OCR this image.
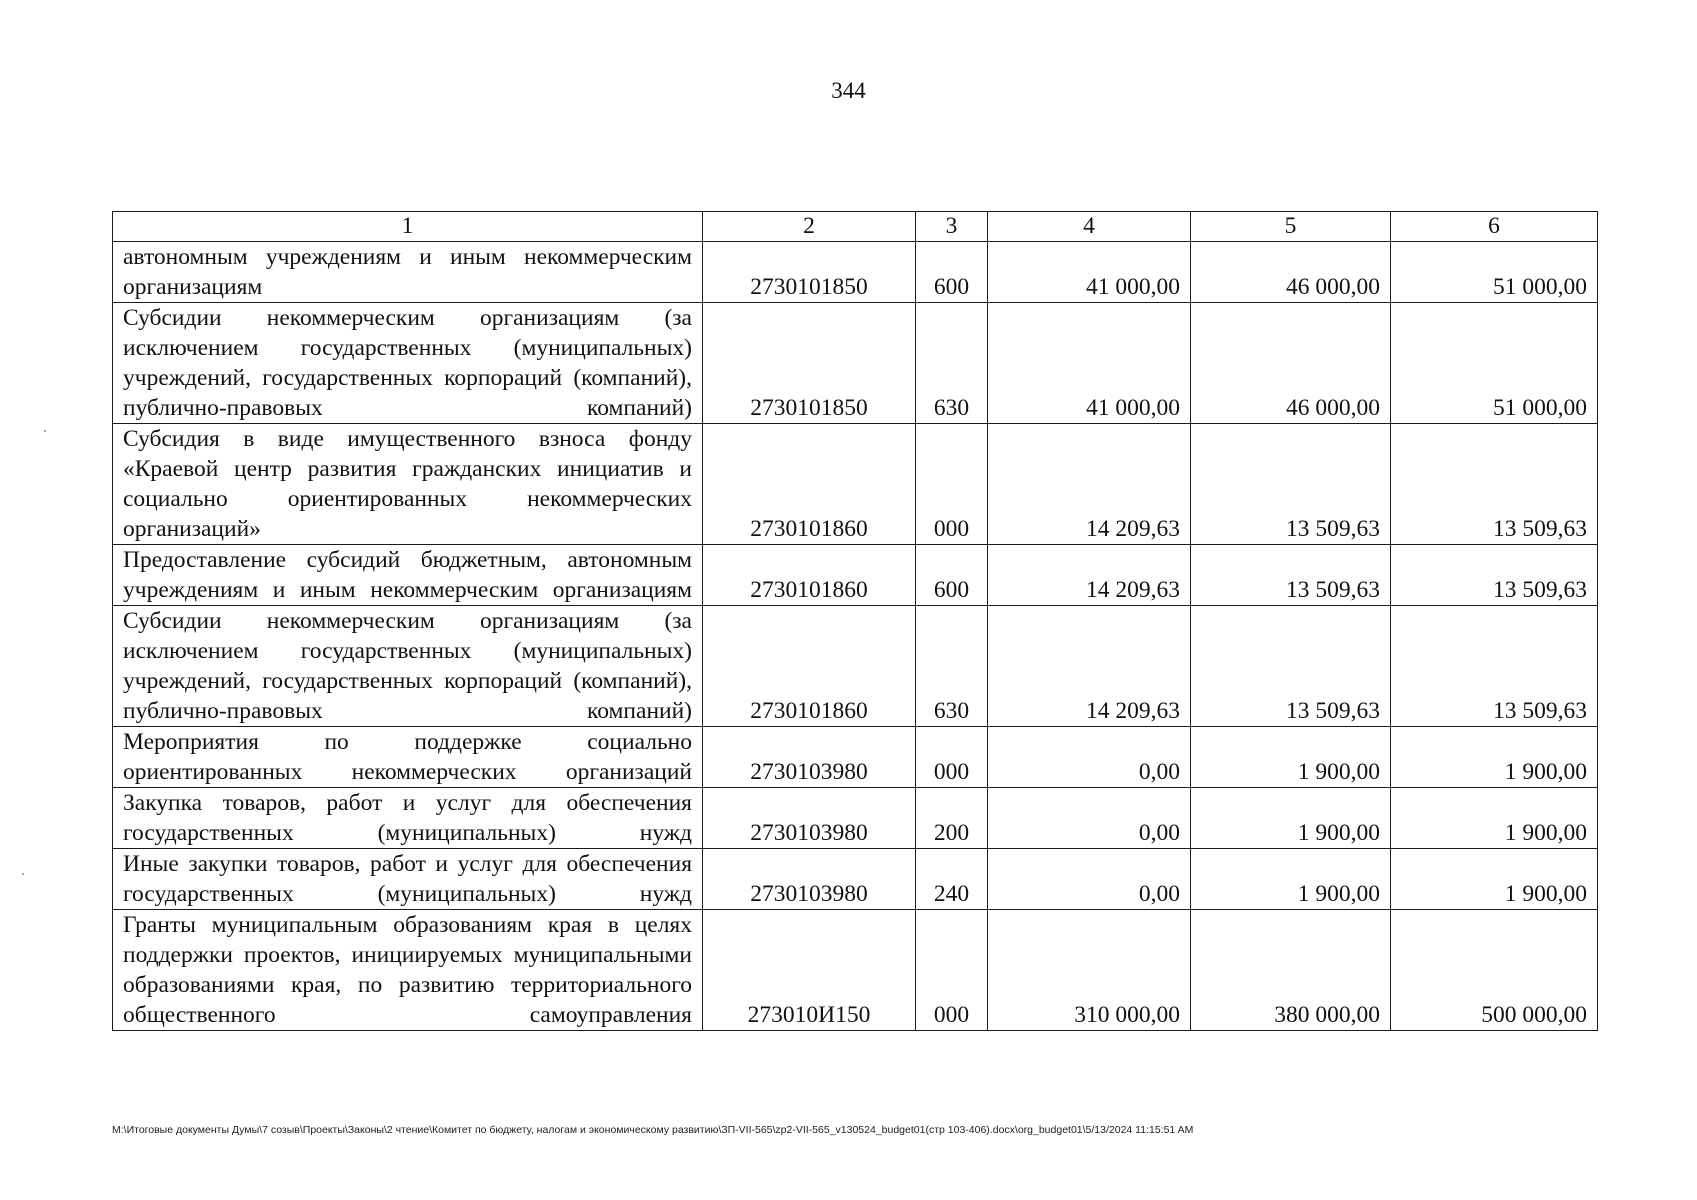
344
1	2	3	4	5	6
автономным учреждениям и иным некоммерческим организациям	2730101850	600	41 000,00	46 000,00	51 000,00
Субсидии некоммерческим организациям (за исключением государственных (муниципальных) учреждений, государственных корпораций (компаний), публично-правовых компаний)	2730101850	630	41 000,00	46 000,00	51 000,00
Субсидия в виде имущественного взноса фонду «Краевой центр развития гражданских инициатив и социально ориентированных некоммерческих организаций»	2730101860	000	14 209,63	13 509,63	13 509,63
Предоставление субсидий бюджетным, автономным учреждениям и иным некоммерческим организациям	2730101860	600	14 209,63	13 509,63	13 509,63
Субсидии некоммерческим организациям (за исключением государственных (муниципальных) учреждений, государственных корпораций (компаний), публично-правовых компаний)	2730101860	630	14 209,63	13 509,63	13 509,63
Мероприятия по поддержке социально ориентированных некоммерческих организаций	2730103980	000	0,00	1 900,00	1 900,00
Закупка товаров, работ и услуг для обеспечения государственных (муниципальных) нужд	2730103980	200	0,00	1 900,00	1 900,00
Иные закупки товаров, работ и услуг для обеспечения государственных (муниципальных) нужд	2730103980	240	0,00	1 900,00	1 900,00
Гранты муниципальным образованиям края в целях поддержки проектов, инициируемых муниципальными образованиями края, по развитию территориального общественного самоуправления	273010И150	000	310 000,00	380 000,00	500 000,00
M:\Итоговые документы Думы\7 созыв\Проекты\Законы\2 чтение\Комитет по бюджету, налогам и экономическому развитию\ЗП-VII-565\zp2-VII-565_v130524_budget01(стр 103-406).docx\org_budget01\5/13/2024 11:15:51 AM
